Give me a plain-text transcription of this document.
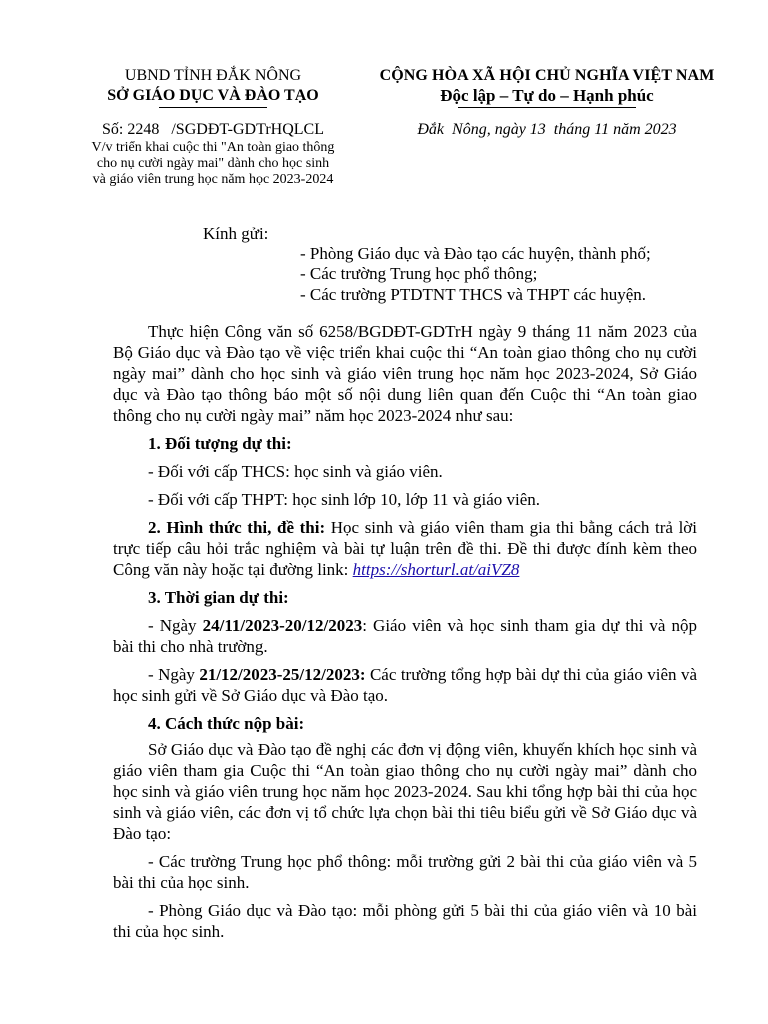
UBND TỈNH ĐẮK NÔNG
SỞ GIÁO DỤC VÀ ĐÀO TẠO
Số: 2248   /SGDĐT-GDTrHQLCL
V/v triển khai cuộc thi "An toàn giao thông
cho nụ cười ngày mai" dành cho học sinh
và giáo viên trung học năm học 2023-2024
CỘNG HÒA XÃ HỘI CHỦ NGHĨA VIỆT NAM
Độc lập – Tự do – Hạnh phúc
Đắk  Nông, ngày 13  tháng 11 năm 2023
Kính gửi:
- Phòng Giáo dục và Đào tạo các huyện, thành phố;
- Các trường Trung học phổ thông;
- Các trường PTDTNT THCS và THPT các huyện.

Thực hiện Công văn số 6258/BGDĐT-GDTrH ngày 9 tháng 11 năm 2023 của Bộ Giáo dục và Đào tạo về việc triển khai cuộc thi “An toàn giao thông cho nụ cười ngày mai” dành cho học sinh và giáo viên trung học năm học 2023-2024, Sở Giáo dục và Đào tạo thông báo một số nội dung liên quan đến Cuộc thi “An toàn giao thông cho nụ cười ngày mai” năm học 2023-2024 như sau:

1. Đối tượng dự thi:

- Đối với cấp THCS: học sinh và giáo viên.

- Đối với cấp THPT: học sinh lớp 10, lớp 11 và giáo viên.

2. Hình thức thi, đề thi: Học sinh và giáo viên tham gia thi bằng cách trả lời trực tiếp câu hỏi trắc nghiệm và bài tự luận trên đề thi. Đề thi được đính kèm theo Công văn này hoặc tại đường link: https://shorturl.at/aiVZ8

3. Thời gian dự thi:

- Ngày 24/11/2023-20/12/2023: Giáo viên và học sinh tham gia dự thi và nộp bài thi cho nhà trường.

- Ngày 21/12/2023-25/12/2023: Các trường tổng hợp bài dự thi của giáo viên và học sinh gửi về Sở Giáo dục và Đào tạo.

4. Cách thức nộp bài:

Sở Giáo dục và Đào tạo đề nghị các đơn vị động viên, khuyến khích học sinh và giáo viên tham gia Cuộc thi “An toàn giao thông cho nụ cười ngày mai” dành cho học sinh và giáo viên trung học năm học 2023-2024. Sau khi tổng hợp bài thi của học sinh và giáo viên, các đơn vị tổ chức lựa chọn bài thi tiêu biểu gửi về Sở Giáo dục và Đào tạo:

- Các trường Trung học phổ thông: mỗi trường gửi 2 bài thi của giáo viên và 5 bài thi của học sinh.

- Phòng Giáo dục và Đào tạo: mỗi phòng gửi 5 bài thi của giáo viên và 10 bài thi của học sinh.
